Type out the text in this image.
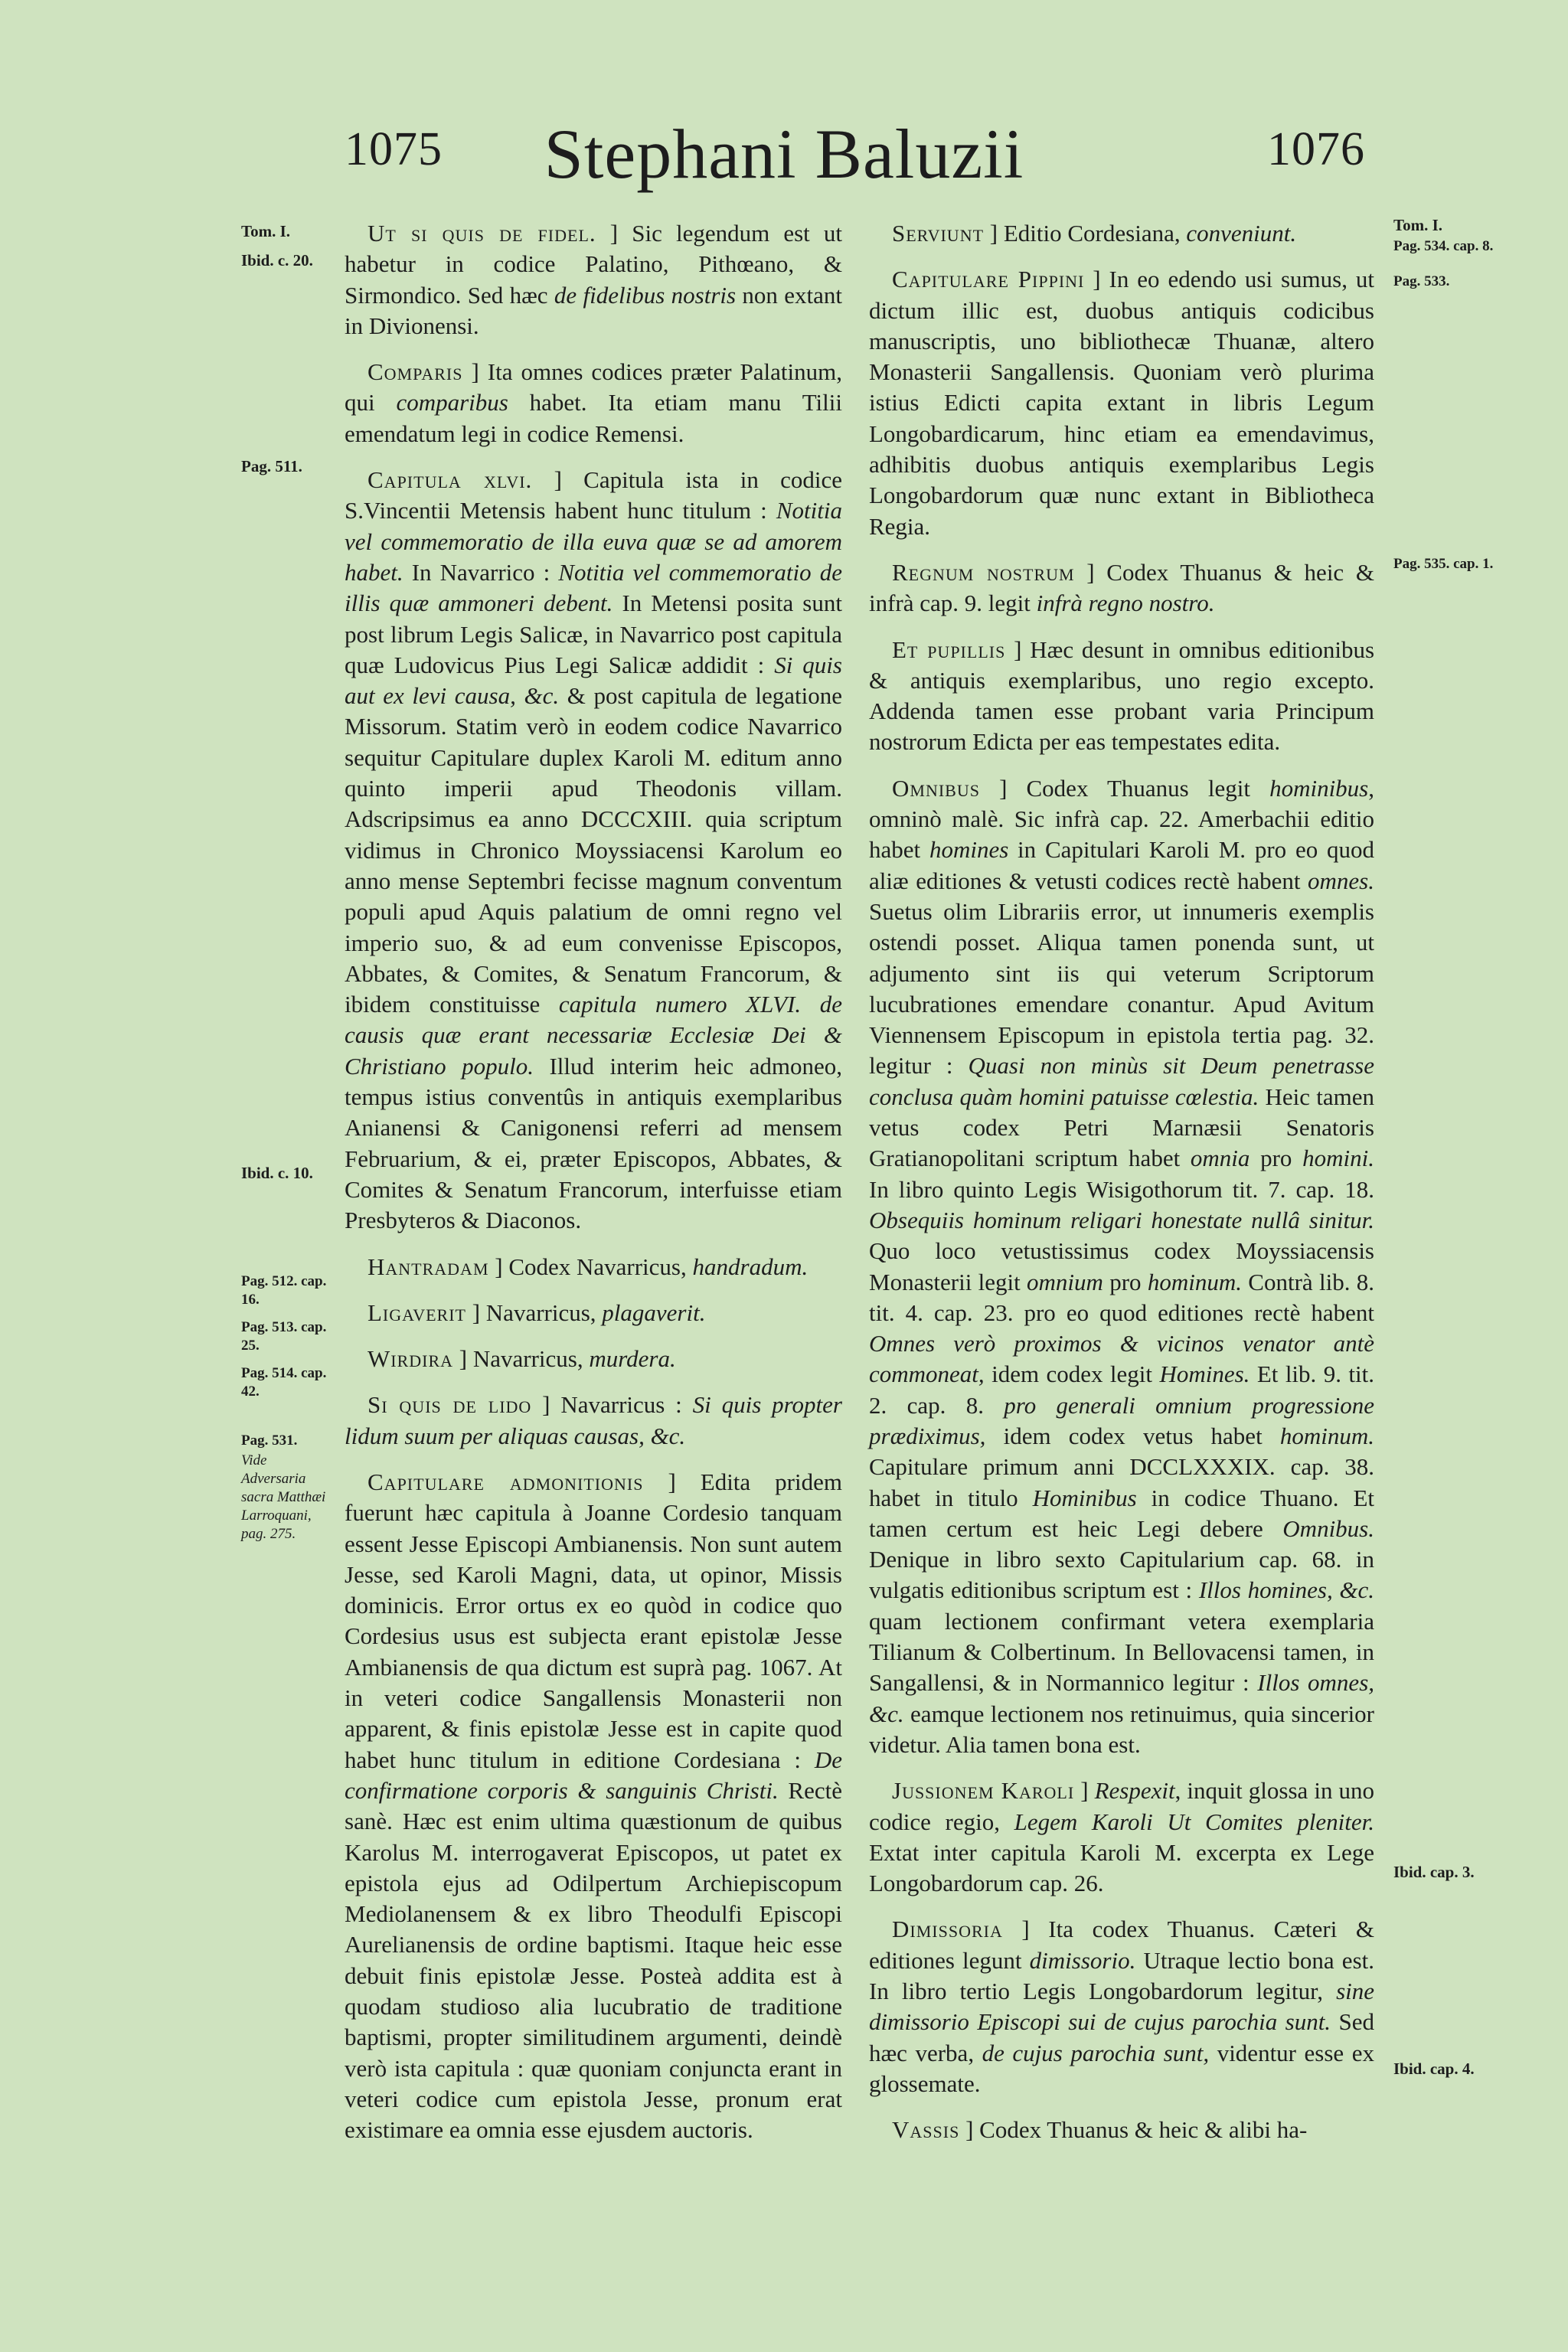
1075	Stephani Baluzii	1076
Tom. I.
Ibid. c. 20.
Pag. 511.
Ibid. c. 10.
Pag. 512. cap. 16.
Pag. 513. cap. 25.
Pag. 514. cap. 42.
Pag. 531.
Vide Adversaria sacra Matthæi Larroquani, pag. 275.
Tom. I.
Pag. 534. cap. 8.
Pag. 533.
Pag. 535. cap. 1.
Ibid. cap. 3.
Ibid. cap. 4.

Ut si quis de fidel. ] Sic legendum est ut habetur in codice Palatino, Pithœano, & Sirmondico. Sed hæc de fidelibus nostris non extant in Divionensi.

Comparis ] Ita omnes codices præter Palatinum, qui comparibus habet. Ita etiam manu Tilii emendatum legi in codice Remensi.

Capitula xlvi. ] Capitula ista in codice S.Vincentii Metensis habent hunc titulum : Notitia vel commemoratio de illa euva quæ se ad amorem habet. In Navarrico : Notitia vel commemoratio de illis quæ ammoneri debent. In Metensi posita sunt post librum Legis Salicæ, in Navarrico post capitula quæ Ludovicus Pius Legi Salicæ addidit : Si quis aut ex levi causa, &c. & post capitula de legatione Missorum. Statim verò in eodem codice Navarrico sequitur Capitulare duplex Karoli M. editum anno quinto imperii apud Theodonis villam. Adscripsimus ea anno DCCCXIII. quia scriptum vidimus in Chronico Moyssiacensi Karolum eo anno mense Septembri fecisse magnum conventum populi apud Aquis palatium de omni regno vel imperio suo, & ad eum convenisse Episcopos, Abbates, & Comites, & Senatum Francorum, & ibidem constituisse capitula numero XLVI. de causis quæ erant necessariæ Ecclesiæ Dei & Christiano populo. Illud interim heic admoneo, tempus istius conventûs in antiquis exemplaribus Anianensi & Canigonensi referri ad mensem Februarium, & ei, præter Episcopos, Abbates, & Comites & Senatum Francorum, interfuisse etiam Presbyteros & Diaconos.

Hantradam ] Codex Navarricus, handradum.

Ligaverit ] Navarricus, plagaverit.

Wirdira ] Navarricus, murdera.

Si quis de lido ] Navarricus : Si quis propter lidum suum per aliquas causas, &c.

Capitulare admonitionis ] Edita pridem fuerunt hæc capitula à Joanne Cordesio tanquam essent Jesse Episcopi Ambianensis. Non sunt autem Jesse, sed Karoli Magni, data, ut opinor, Missis dominicis. Error ortus ex eo quòd in codice quo Cordesius usus est subjecta erant epistolæ Jesse Ambianensis de qua dictum est suprà pag. 1067. At in veteri codice Sangallensis Monasterii non apparent, & finis epistolæ Jesse est in capite quod habet hunc titulum in editione Cordesiana : De confirmatione corporis & sanguinis Christi. Rectè sanè. Hæc est enim ultima quæstionum de quibus Karolus M. interrogaverat Episcopos, ut patet ex epistola ejus ad Odilpertum Archiepiscopum Mediolanensem & ex libro Theodulfi Episcopi Aurelianensis de ordine baptismi. Itaque heic esse debuit finis epistolæ Jesse. Posteà addita est à quodam studioso alia lucubratio de traditione baptismi, propter similitudinem argumenti, deindè verò ista capitula : quæ quoniam conjuncta erant in veteri codice cum epistola Jesse, pronum erat existimare ea omnia esse ejusdem auctoris.

Serviunt ] Editio Cordesiana, conveniunt.

Capitulare Pippini ] In eo edendo usi sumus, ut dictum illic est, duobus antiquis codicibus manuscriptis, uno bibliothecæ Thuanæ, altero Monasterii Sangallensis. Quoniam verò plurima istius Edicti capita extant in libris Legum Longobardicarum, hinc etiam ea emendavimus, adhibitis duobus antiquis exemplaribus Legis Longobardorum quæ nunc extant in Bibliotheca Regia.

Regnum nostrum ] Codex Thuanus & heic & infrà cap. 9. legit infrà regno nostro.

Et pupillis ] Hæc desunt in omnibus editionibus & antiquis exemplaribus, uno regio excepto. Addenda tamen esse probant varia Principum nostrorum Edicta per eas tempestates edita.

Omnibus ] Codex Thuanus legit hominibus, omninò malè. Sic infrà cap. 22. Amerbachii editio habet homines in Capitulari Karoli M. pro eo quod aliæ editiones & vetusti codices rectè habent omnes. Suetus olim Librariis error, ut innumeris exemplis ostendi posset. Aliqua tamen ponenda sunt, ut adjumento sint iis qui veterum Scriptorum lucubrationes emendare conantur. Apud Avitum Viennensem Episcopum in epistola tertia pag. 32. legitur : Quasi non minùs sit Deum penetrasse conclusa quàm homini patuisse cœlestia. Heic tamen vetus codex Petri Marnæsii Senatoris Gratianopolitani scriptum habet omnia pro homini. In libro quinto Legis Wisigothorum tit. 7. cap. 18. Obsequiis hominum religari honestate nullâ sinitur. Quo loco vetustissimus codex Moyssiacensis Monasterii legit omnium pro hominum. Contrà lib. 8. tit. 4. cap. 23. pro eo quod editiones rectè habent Omnes verò proximos & vicinos venator antè commoneat, idem codex legit Homines. Et lib. 9. tit. 2. cap. 8. pro generali omnium progressione prædiximus, idem codex vetus habet hominum. Capitulare primum anni DCCLXXXIX. cap. 38. habet in titulo Hominibus in codice Thuano. Et tamen certum est heic Legi debere Omnibus. Denique in libro sexto Capitularium cap. 68. in vulgatis editionibus scriptum est : Illos homines, &c. quam lectionem confirmant vetera exemplaria Tilianum & Colbertinum. In Bellovacensi tamen, in Sangallensi, & in Normannico legitur : Illos omnes, &c. eamque lectionem nos retinuimus, quia sincerior videtur. Alia tamen bona est.

Jussionem Karoli ] Respexit, inquit glossa in uno codice regio, Legem Karoli Ut Comites pleniter. Extat inter capitula Karoli M. excerpta ex Lege Longobardorum cap. 26.

Dimissoria ] Ita codex Thuanus. Cæteri & editiones legunt dimissorio. Utraque lectio bona est. In libro tertio Legis Longobardorum legitur, sine dimissorio Episcopi sui de cujus parochia sunt. Sed hæc verba, de cujus parochia sunt, videntur esse ex glossemate.

Vassis ] Codex Thuanus & heic & alibi ha-
